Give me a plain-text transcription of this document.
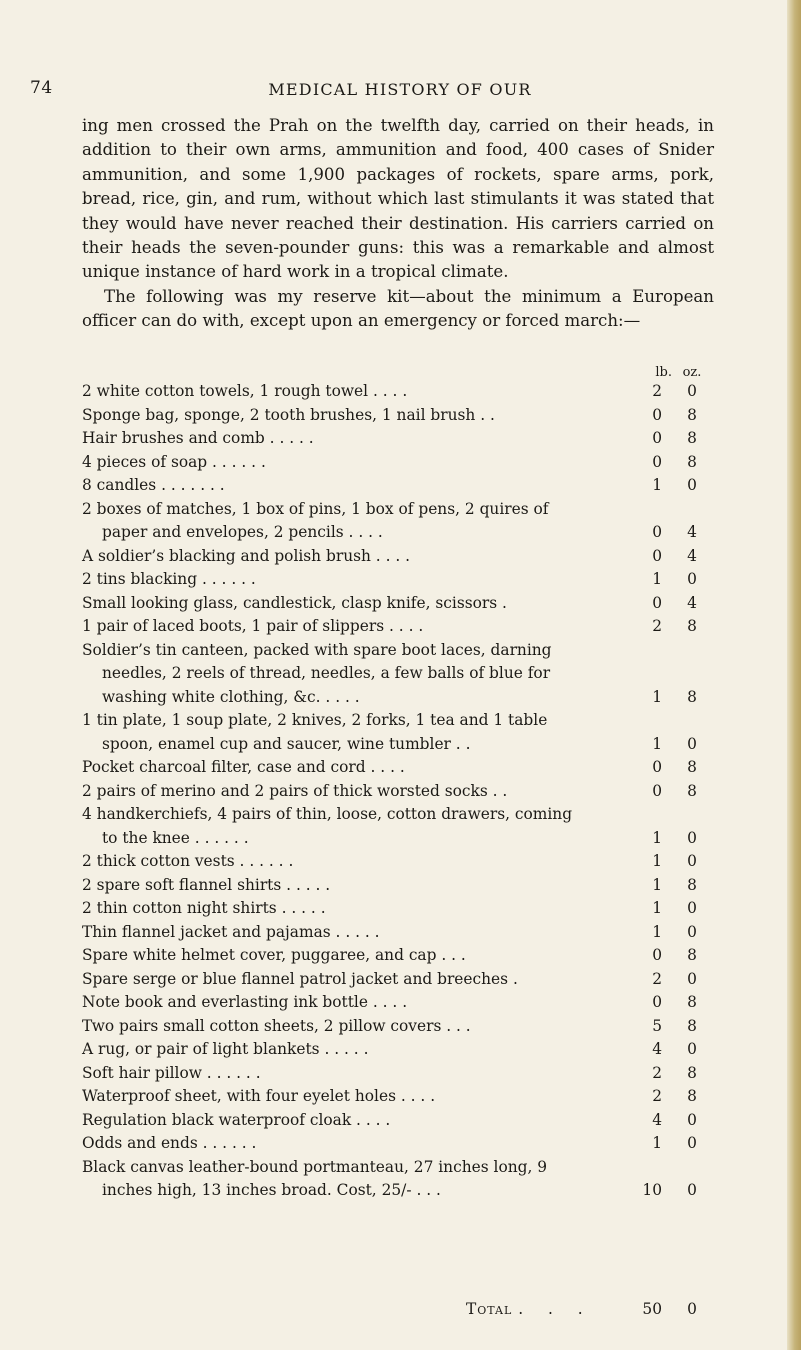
74	MEDICAL HISTORY OF OUR

ing men crossed the Prah on the twelfth day, carried on their heads, in addition to their own arms, ammunition and food, 400 cases of Snider ammunition, and some 1,900 packages of rockets, spare arms, pork, bread, rice, gin, and rum, without which last stimulants it was stated that they would have never reached their destination. His carriers carried on their heads the seven-pounder guns: this was a remarkable and almost unique instance of hard work in a tropical climate.

The following was my reserve kit—about the minimum a European officer can do with, except upon an emergency or forced march:—

lb. oz.
2 white cotton towels, 1 rough towel . . . .	2	0
Sponge bag, sponge, 2 tooth brushes, 1 nail brush . .	0	8
Hair brushes and comb . . . . .	0	8
4 pieces of soap . . . . . .	0	8
8 candles . . . . . . .	1	0
2 boxes of matches, 1 box of pins, 1 box of pens, 2 quires of
paper and envelopes, 2 pencils . . . .	0	4
A soldier’s blacking and polish brush . . . .	0	4
2 tins blacking . . . . . .	1	0
Small looking glass, candlestick, clasp knife, scissors .	0	4
1 pair of laced boots, 1 pair of slippers . . . .	2	8
Soldier’s tin canteen, packed with spare boot laces, darning
needles, 2 reels of thread, needles, a few balls of blue for
washing white clothing, &c. . . . .	1	8
1 tin plate, 1 soup plate, 2 knives, 2 forks, 1 tea and 1 table
spoon, enamel cup and saucer, wine tumbler . .	1	0
Pocket charcoal filter, case and cord . . . .	0	8
2 pairs of merino and 2 pairs of thick worsted socks . .	0	8
4 handkerchiefs, 4 pairs of thin, loose, cotton drawers, coming
to the knee . . . . . .	1	0
2 thick cotton vests . . . . . .	1	0
2 spare soft flannel shirts . . . . .	1	8
2 thin cotton night shirts . . . . .	1	0
Thin flannel jacket and pajamas . . . . .	1	0
Spare white helmet cover, puggaree, and cap . . .	0	8
Spare serge or blue flannel patrol jacket and breeches .	2	0
Note book and everlasting ink bottle . . . .	0	8
Two pairs small cotton sheets, 2 pillow covers . . .	5	8
A rug, or pair of light blankets . . . . .	4	0
Soft hair pillow . . . . . .	2	8
Waterproof sheet, with four eyelet holes . . . .	2	8
Regulation black waterproof cloak . . . .	4	0
Odds and ends . . . . . .	1	0
Black canvas leather-bound portmanteau, 27 inches long, 9
inches high, 13 inches broad. Cost, 25/- . . .	10	0
Total . . .	50	0
